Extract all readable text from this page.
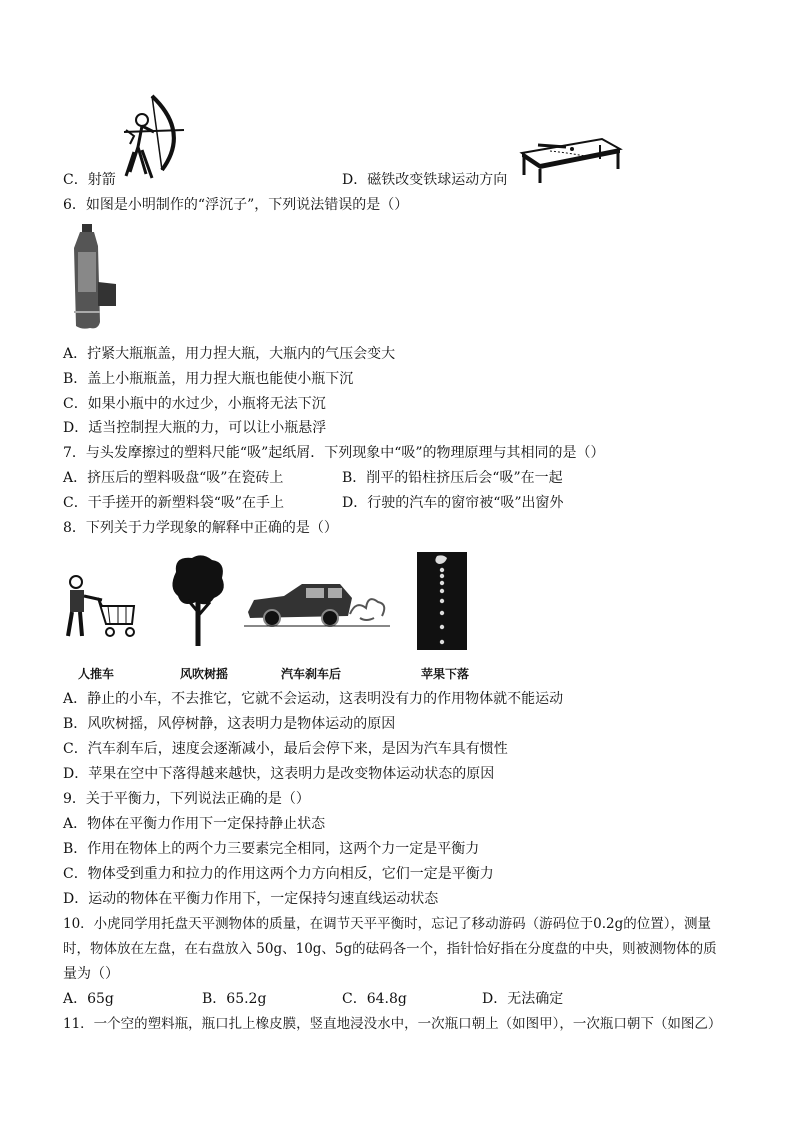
C．射箭	D．磁铁改变铁球运动方向
6．如图是小明制作的“浮沉子”，下列说法错误的是（）
A．拧紧大瓶瓶盖，用力捏大瓶，大瓶内的气压会变大
B．盖上小瓶瓶盖，用力捏大瓶也能使小瓶下沉
C．如果小瓶中的水过少，小瓶将无法下沉
D．适当控制捏大瓶的力，可以让小瓶悬浮
7．与头发摩擦过的塑料尺能“吸”起纸屑．下列现象中“吸”的物理原理与其相同的是（）
A．挤压后的塑料吸盘“吸”在瓷砖上	B．削平的铅柱挤压后会“吸”在一起
C．干手搓开的新塑料袋“吸”在手上	D．行驶的汽车的窗帘被“吸”出窗外
8．下列关于力学现象的解释中正确的是（）
人推车	风吹树摇	汽车刹车后	苹果下落
A．静止的小车，不去推它，它就不会运动，这表明没有力的作用物体就不能运动
B．风吹树摇，风停树静，这表明力是物体运动的原因
C．汽车刹车后，速度会逐渐减小，最后会停下来，是因为汽车具有惯性
D．苹果在空中下落得越来越快，这表明力是改变物体运动状态的原因
9．关于平衡力，下列说法正确的是（）
A．物体在平衡力作用下一定保持静止状态
B．作用在物体上的两个力三要素完全相同，这两个力一定是平衡力
C．物体受到重力和拉力的作用这两个力方向相反，它们一定是平衡力
D．运动的物体在平衡力作用下，一定保持匀速直线运动状态
10．小虎同学用托盘天平测物体的质量，在调节天平平衡时，忘记了移动游码（游码位于0.2g的位置），测量
时，物体放在左盘，在右盘放入 50g、10g、5g的砝码各一个，指针恰好指在分度盘的中央，则被测物体的质
量为（）
A．65g	B．65.2g	C．64.8g	D．无法确定
11．一个空的塑料瓶，瓶口扎上橡皮膜，竖直地浸没水中，一次瓶口朝上（如图甲），一次瓶口朝下（如图乙）
